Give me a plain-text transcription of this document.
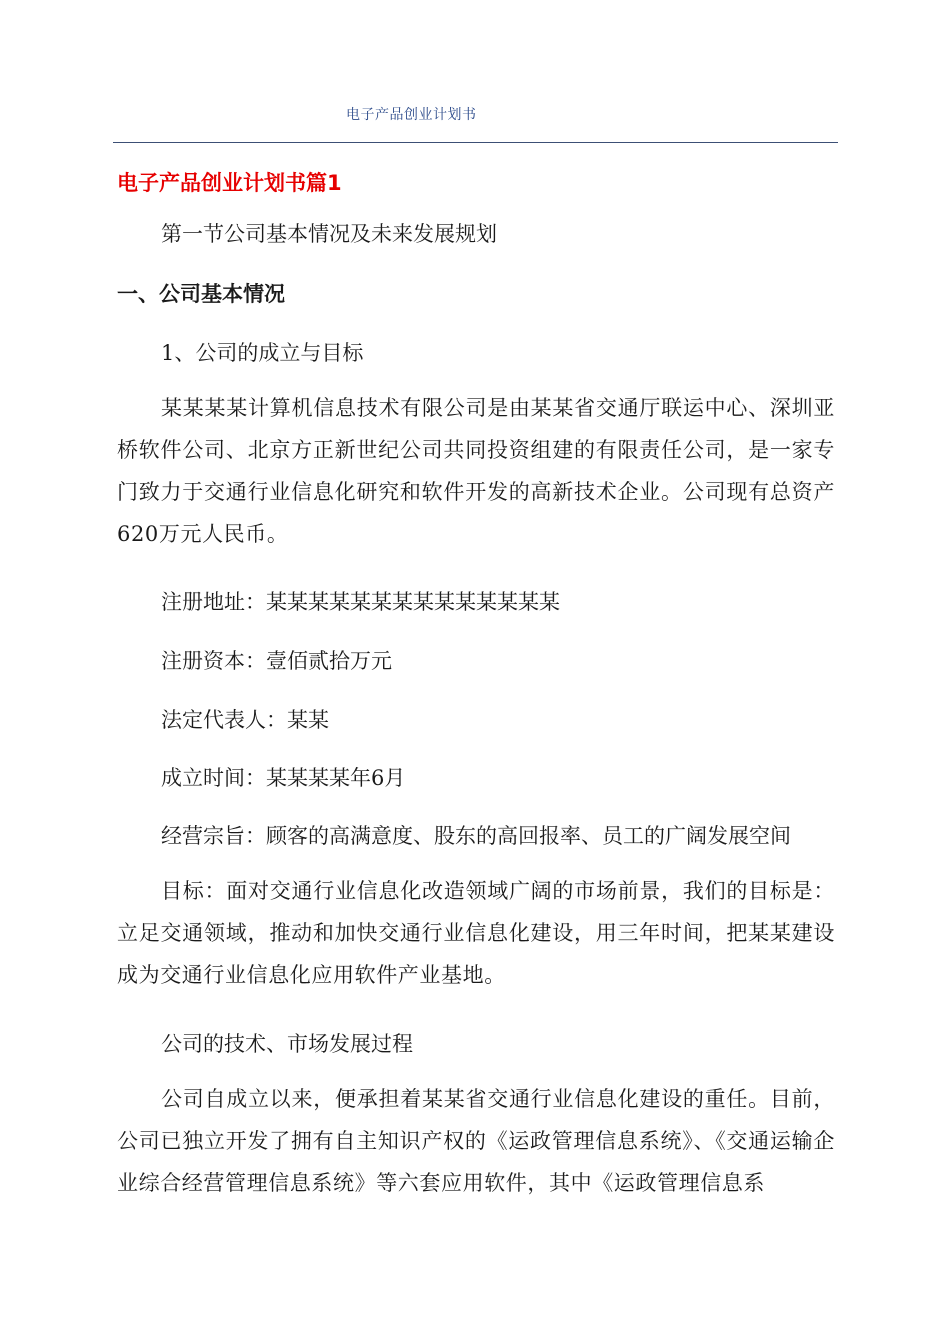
电子产品创业计划书
电子产品创业计划书篇1
第一节公司基本情况及未来发展规划
一、公司基本情况
1、公司的成立与目标
某某某某计算机信息技术有限公司是由某某省交通厅联运中心、深圳亚桥软件公司、北京方正新世纪公司共同投资组建的有限责任公司，是一家专门致力于交通行业信息化研究和软件开发的高新技术企业。公司现有总资产620万元人民币。
注册地址：某某某某某某某某某某某某某某
注册资本：壹佰贰拾万元
法定代表人：某某
成立时间：某某某某年6月
经营宗旨：顾客的高满意度、股东的高回报率、员工的广阔发展空间
目标：面对交通行业信息化改造领域广阔的市场前景，我们的目标是：立足交通领域，推动和加快交通行业信息化建设，用三年时间，把某某建设成为交通行业信息化应用软件产业基地。
公司的技术、市场发展过程
公司自成立以来，便承担着某某省交通行业信息化建设的重任。目前，公司已独立开发了拥有自主知识产权的《运政管理信息系统》、《交通运输企业综合经营管理信息系统》等六套应用软件，其中《运政管理信息系
